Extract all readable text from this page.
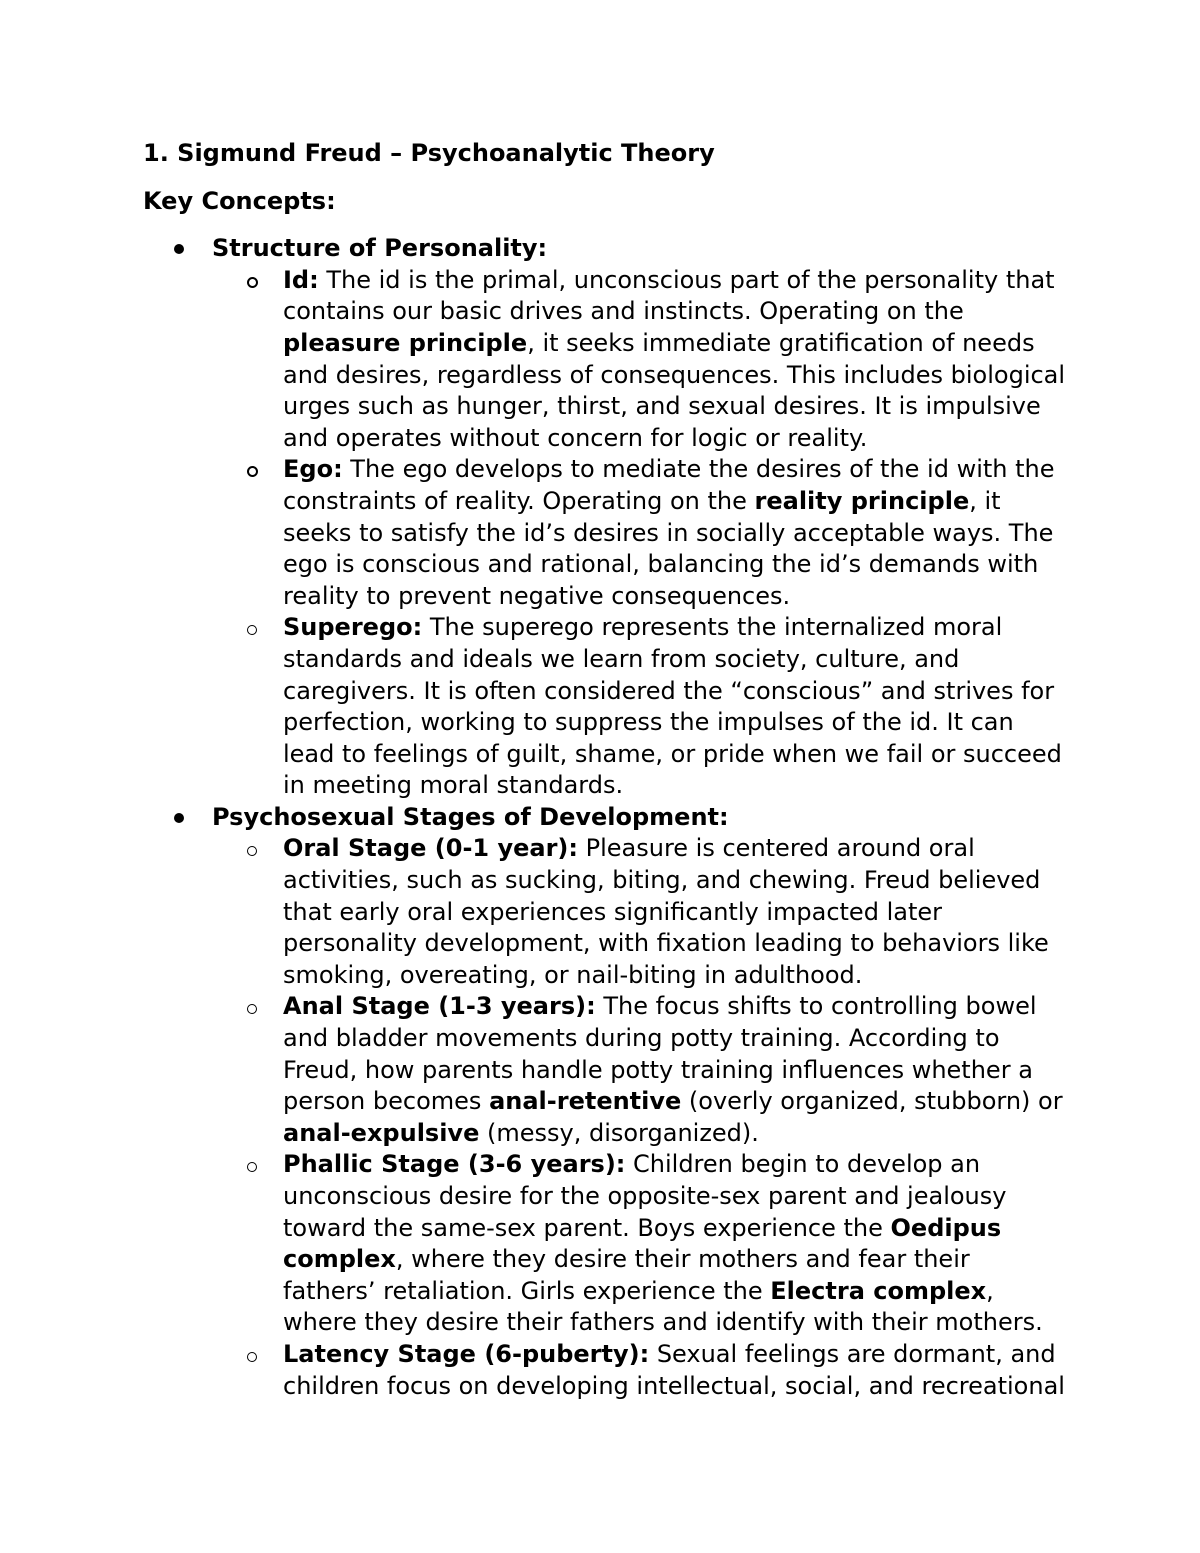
1. Sigmund Freud – Psychoanalytic Theory

Key Concepts:

Structure of Personality:
Id: The id is the primal, unconscious part of the personality that contains our basic drives and instincts. Operating on the pleasure principle, it seeks immediate gratification of needs and desires, regardless of consequences. This includes biological urges such as hunger, thirst, and sexual desires. It is impulsive and operates without concern for logic or reality.
Ego: The ego develops to mediate the desires of the id with the constraints of reality. Operating on the reality principle, it seeks to satisfy the id’s desires in socially acceptable ways. The ego is conscious and rational, balancing the id’s demands with reality to prevent negative consequences.
Superego: The superego represents the internalized moral standards and ideals we learn from society, culture, and caregivers. It is often considered the “conscious” and strives for perfection, working to suppress the impulses of the id. It can lead to feelings of guilt, shame, or pride when we fail or succeed in meeting moral standards.
Psychosexual Stages of Development:
Oral Stage (0-1 year): Pleasure is centered around oral activities, such as sucking, biting, and chewing. Freud believed that early oral experiences significantly impacted later personality development, with fixation leading to behaviors like smoking, overeating, or nail-biting in adulthood.
Anal Stage (1-3 years): The focus shifts to controlling bowel and bladder movements during potty training. According to Freud, how parents handle potty training influences whether a person becomes anal-retentive (overly organized, stubborn) or anal-expulsive (messy, disorganized).
Phallic Stage (3-6 years): Children begin to develop an unconscious desire for the opposite-sex parent and jealousy toward the same-sex parent. Boys experience the Oedipus complex, where they desire their mothers and fear their fathers’ retaliation. Girls experience the Electra complex, where they desire their fathers and identify with their mothers.
Latency Stage (6-puberty): Sexual feelings are dormant, and children focus on developing intellectual, social, and recreational
